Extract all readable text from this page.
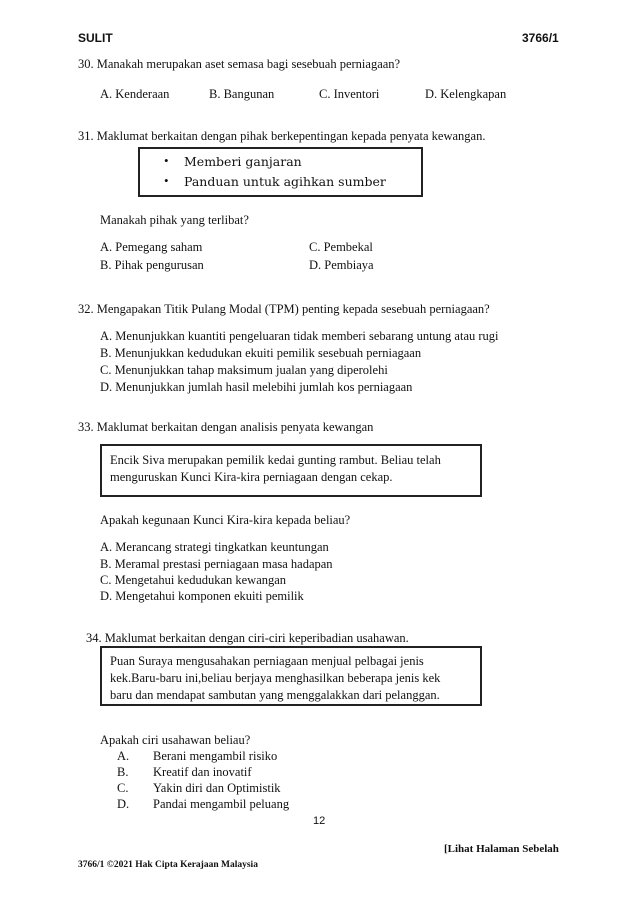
SULIT	3766/1
30. Manakah merupakan aset semasa bagi sesebuah perniagaan?
A. Kenderaan	B. Bangunan	C. Inventori	D. Kelengkapan
31. Maklumat berkaitan dengan pihak berkepentingan kepada penyata kewangan.
• Memberi ganjaran
• Panduan untuk agihkan sumber
Manakah pihak yang terlibat?
A. Pemegang saham	C. Pembekal
B. Pihak pengurusan	D. Pembiaya
32. Mengapakan Titik Pulang Modal (TPM) penting kepada sesebuah perniagaan?
A. Menunjukkan kuantiti pengeluaran tidak memberi sebarang untung atau rugi
B. Menunjukkan kedudukan ekuiti pemilik sesebuah perniagaan
C. Menunjukkan tahap maksimum jualan yang diperolehi
D. Menunjukkan jumlah hasil melebihi jumlah kos perniagaan
33. Maklumat berkaitan dengan analisis penyata kewangan
Encik Siva merupakan pemilik kedai gunting rambut. Beliau telah
menguruskan Kunci Kira-kira perniagaan dengan cekap.
Apakah kegunaan Kunci Kira-kira kepada beliau?
A. Merancang strategi tingkatkan keuntungan
B. Meramal prestasi perniagaan masa hadapan
C. Mengetahui kedudukan kewangan
D. Mengetahui komponen ekuiti pemilik
34. Maklumat berkaitan dengan ciri-ciri keperibadian usahawan.
Puan Suraya mengusahakan perniagaan menjual pelbagai jenis
kek.Baru-baru ini,beliau berjaya menghasilkan beberapa jenis kek
baru dan mendapat sambutan yang menggalakkan dari pelanggan.
Apakah ciri usahawan beliau?
A. Berani mengambil risiko
B. Kreatif dan inovatif
C. Yakin diri dan Optimistik
D. Pandai mengambil peluang
12
[Lihat Halaman Sebelah
3766/1 ©2021 Hak Cipta Kerajaan Malaysia
